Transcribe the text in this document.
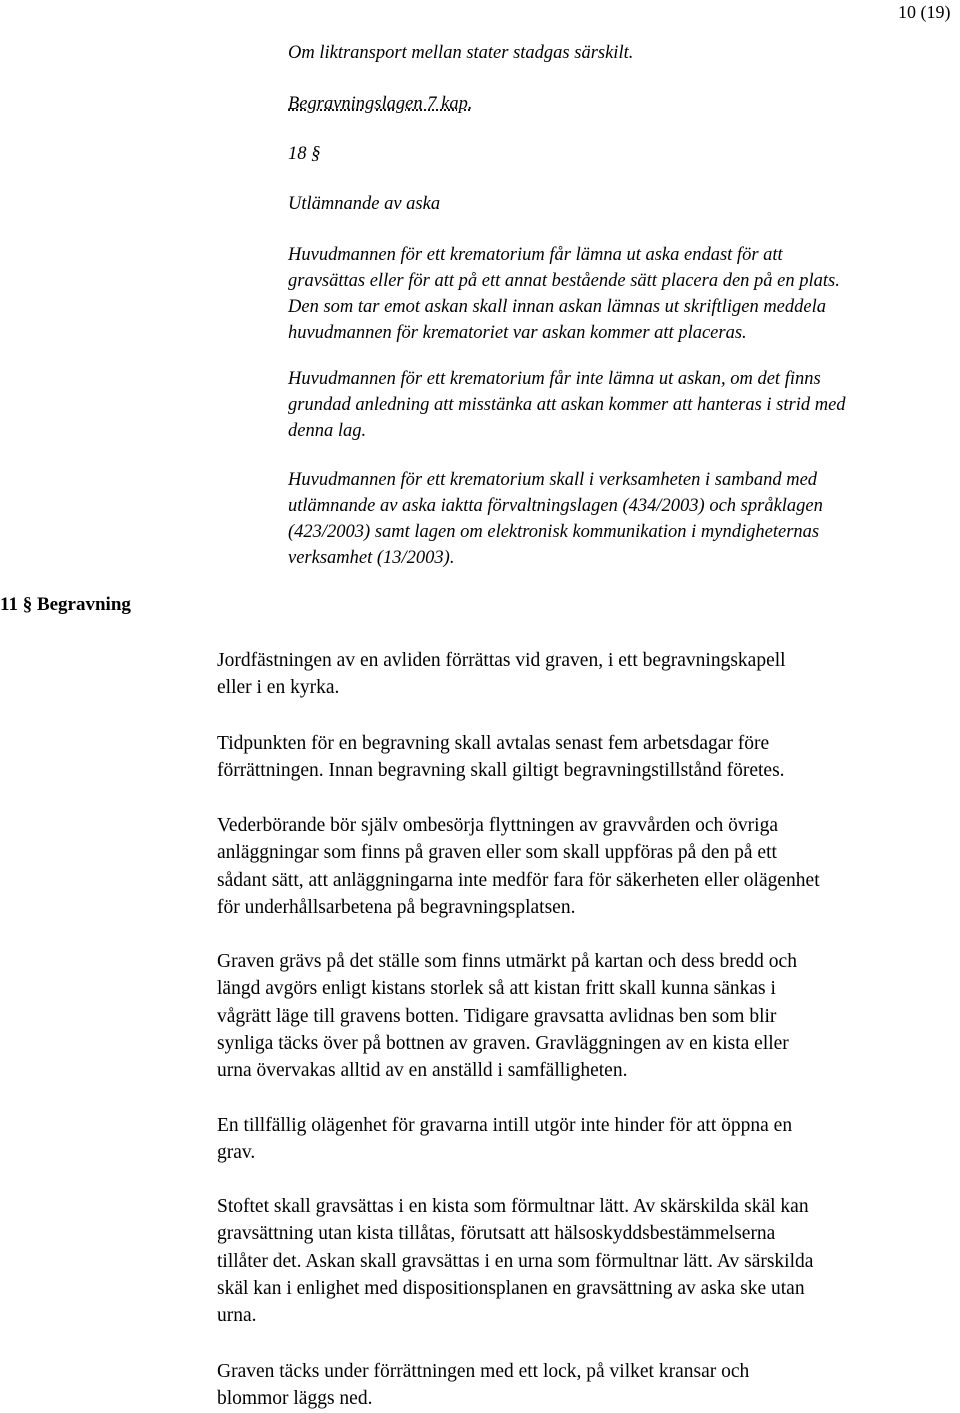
10 (19)

Om liktransport mellan stater stadgas särskilt.

Begravningslagen 7 kap.

18 §

Utlämnande av aska

Huvudmannen för ett krematorium får lämna ut aska endast för att
gravsättas eller för att på ett annat bestående sätt placera den på en plats.
Den som tar emot askan skall innan askan lämnas ut skriftligen meddela
huvudmannen för krematoriet var askan kommer att placeras.

Huvudmannen för ett krematorium får inte lämna ut askan, om det finns
grundad anledning att misstänka att askan kommer att hanteras i strid med
denna lag.

Huvudmannen för ett krematorium skall i verksamheten i samband med
utlämnande av aska iaktta förvaltningslagen (434/2003) och språklagen
(423/2003) samt lagen om elektronisk kommunikation i myndigheternas
verksamhet (13/2003).

11 § Begravning

Jordfästningen av en avliden förrättas vid graven, i ett begravningskapell
eller i en kyrka.

Tidpunkten för en begravning skall avtalas senast fem arbetsdagar före
förrättningen. Innan begravning skall giltigt begravningstillstånd företes.

Vederbörande bör själv ombesörja flyttningen av gravvården och övriga
anläggningar som finns på graven eller som skall uppföras på den på ett
sådant sätt, att anläggningarna inte medför fara för säkerheten eller olägenhet
för underhållsarbetena på begravningsplatsen.

Graven grävs på det ställe som finns utmärkt på kartan och dess bredd och
längd avgörs enligt kistans storlek så att kistan fritt skall kunna sänkas i
vågrätt läge till gravens botten. Tidigare gravsatta avlidnas ben som blir
synliga täcks över på bottnen av graven. Gravläggningen av en kista eller
urna övervakas alltid av en anställd i samfälligheten.

En tillfällig olägenhet för gravarna intill utgör inte hinder för att öppna en
grav.

Stoftet skall gravsättas i en kista som förmultnar lätt. Av skärskilda skäl kan
gravsättning utan kista tillåtas, förutsatt att hälsoskyddsbestämmelserna
tillåter det. Askan skall gravsättas i en urna som förmultnar lätt. Av särskilda
skäl kan i enlighet med dispositionsplanen en gravsättning av aska ske utan
urna.

Graven täcks under förrättningen med ett lock, på vilket kransar och
blommor läggs ned.
